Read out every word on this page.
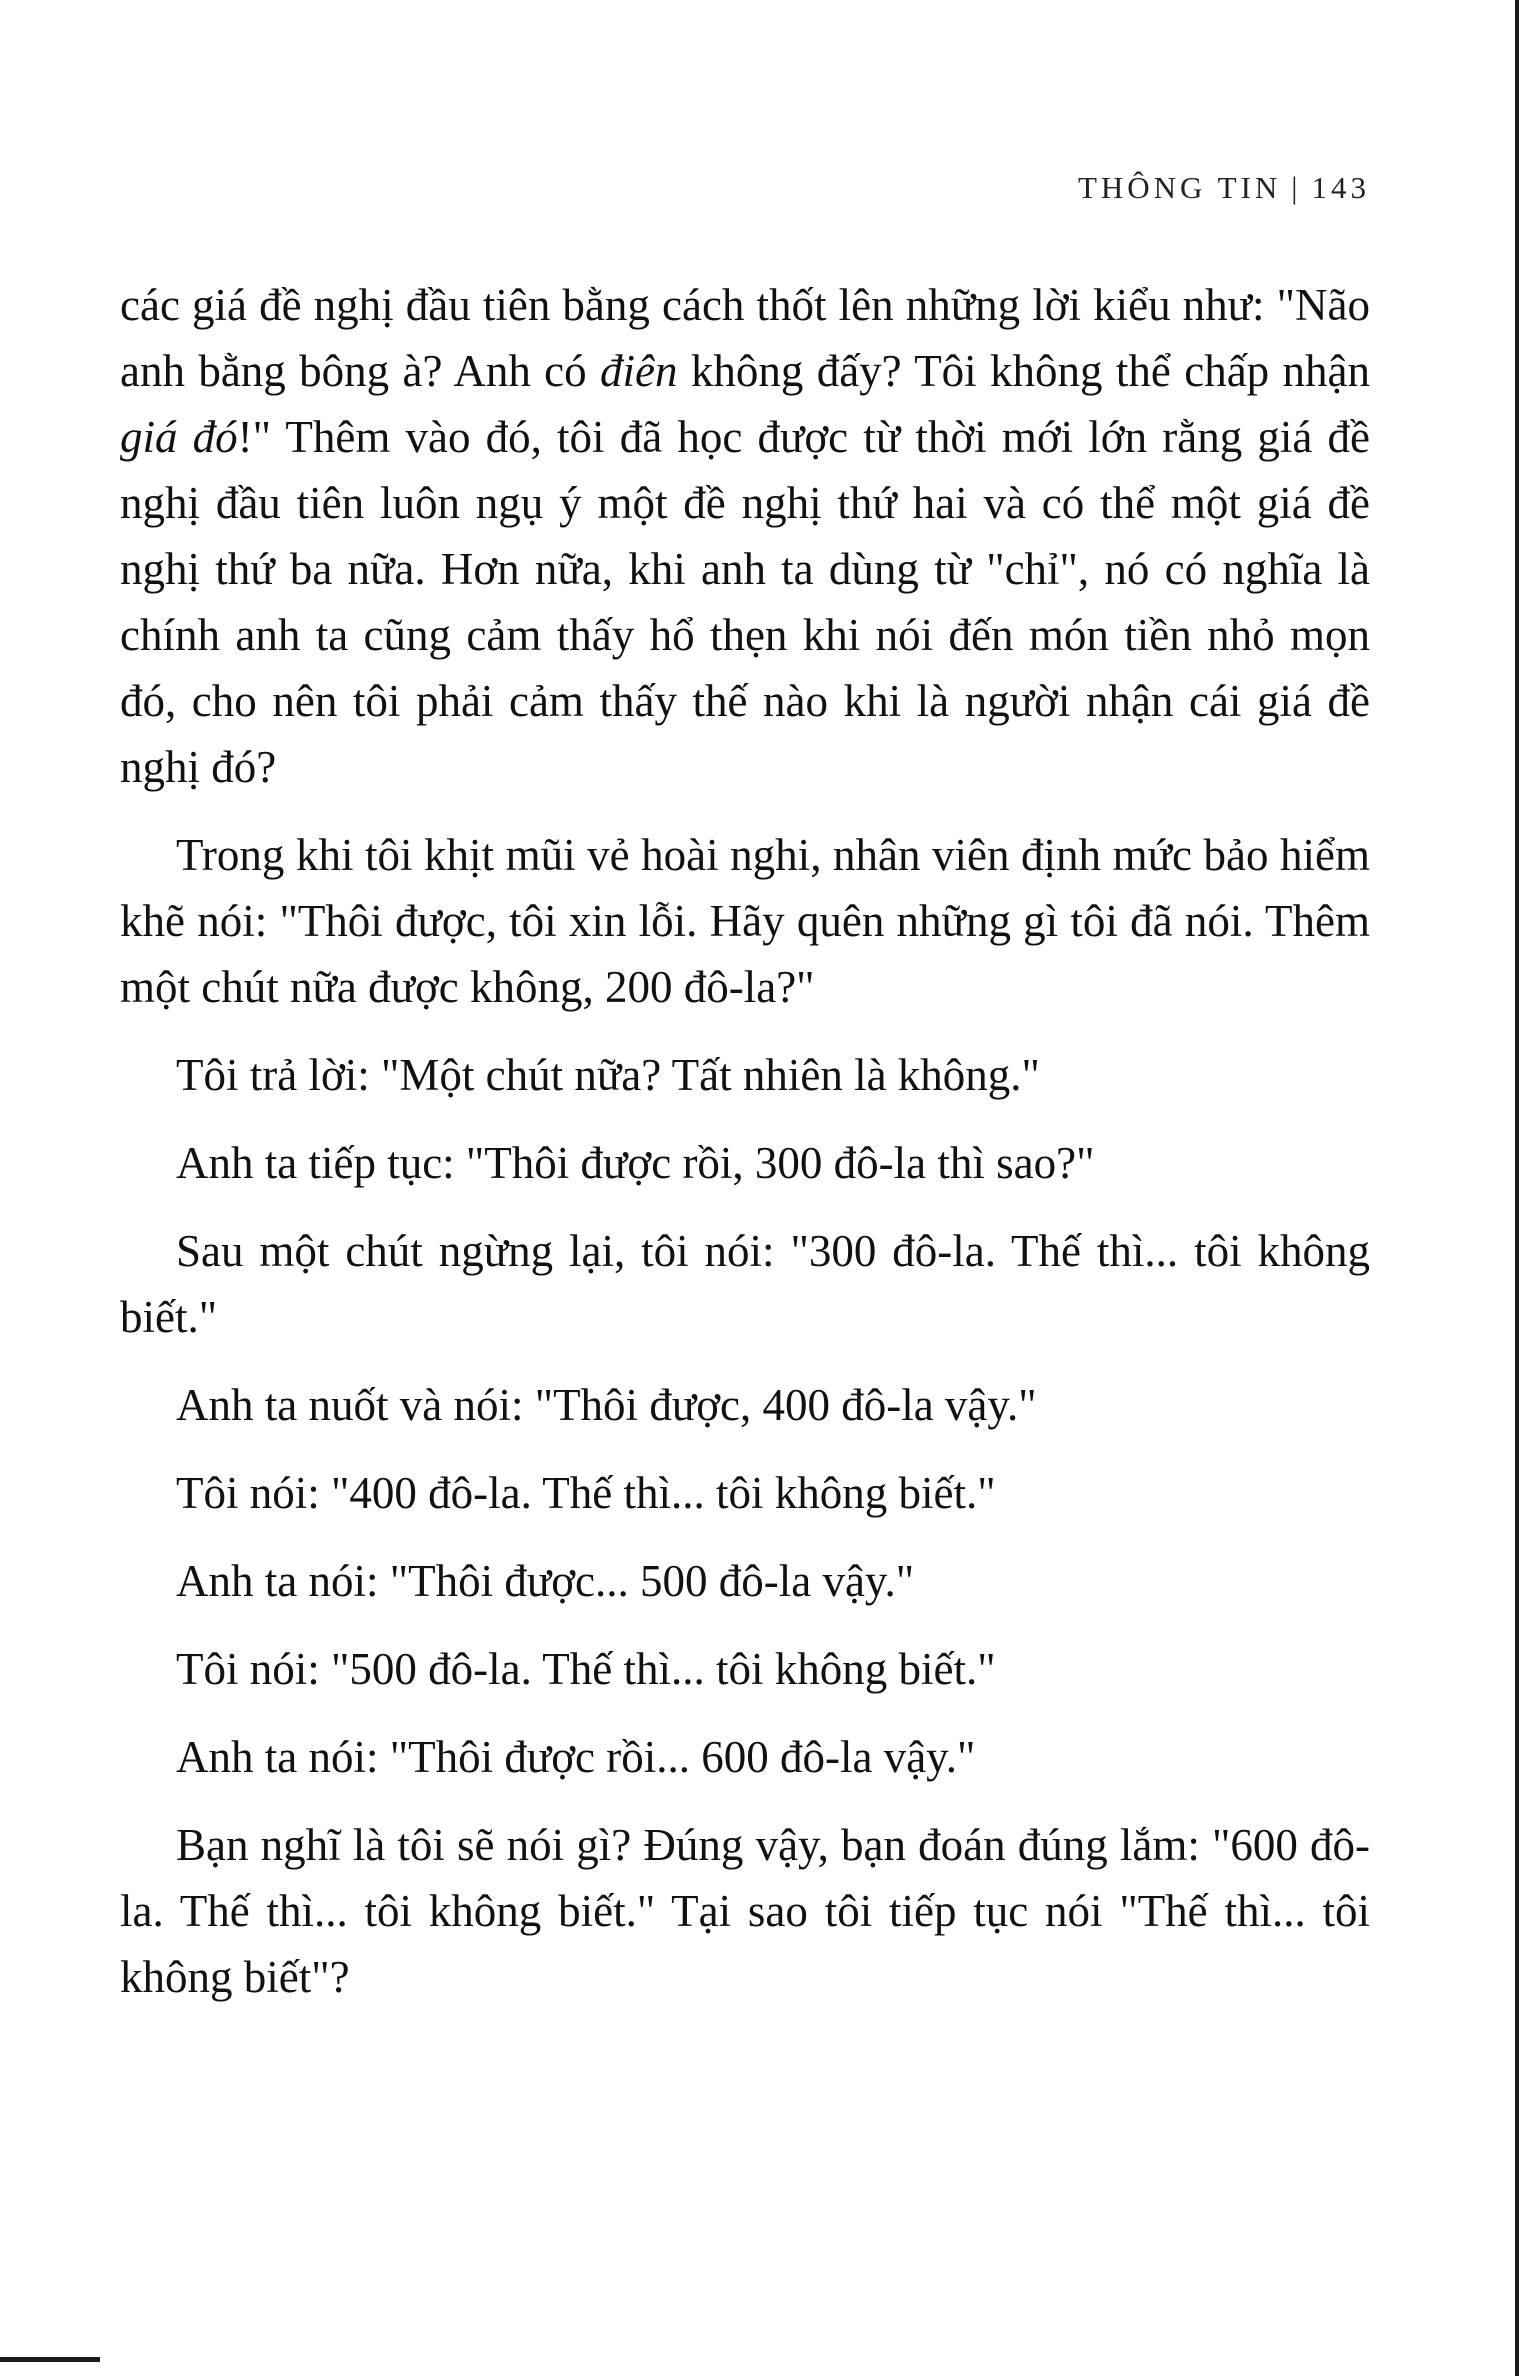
THÔNG TIN | 143

các giá đề nghị đầu tiên bằng cách thốt lên những lời kiểu như: "Não anh bằng bông à? Anh có điên không đấy? Tôi không thể chấp nhận giá đó!" Thêm vào đó, tôi đã học được từ thời mới lớn rằng giá đề nghị đầu tiên luôn ngụ ý một đề nghị thứ hai và có thể một giá đề nghị thứ ba nữa. Hơn nữa, khi anh ta dùng từ "chỉ", nó có nghĩa là chính anh ta cũng cảm thấy hổ thẹn khi nói đến món tiền nhỏ mọn đó, cho nên tôi phải cảm thấy thế nào khi là người nhận cái giá đề nghị đó?

Trong khi tôi khịt mũi vẻ hoài nghi, nhân viên định mức bảo hiểm khẽ nói: "Thôi được, tôi xin lỗi. Hãy quên những gì tôi đã nói. Thêm một chút nữa được không, 200 đô-la?"

Tôi trả lời: "Một chút nữa? Tất nhiên là không."

Anh ta tiếp tục: "Thôi được rồi, 300 đô-la thì sao?"

Sau một chút ngừng lại, tôi nói: "300 đô-la. Thế thì... tôi không biết."

Anh ta nuốt và nói: "Thôi được, 400 đô-la vậy."

Tôi nói: "400 đô-la. Thế thì... tôi không biết."

Anh ta nói: "Thôi được... 500 đô-la vậy."

Tôi nói: "500 đô-la. Thế thì... tôi không biết."

Anh ta nói: "Thôi được rồi... 600 đô-la vậy."

Bạn nghĩ là tôi sẽ nói gì? Đúng vậy, bạn đoán đúng lắm: "600 đô-la. Thế thì... tôi không biết." Tại sao tôi tiếp tục nói "Thế thì... tôi không biết"?
